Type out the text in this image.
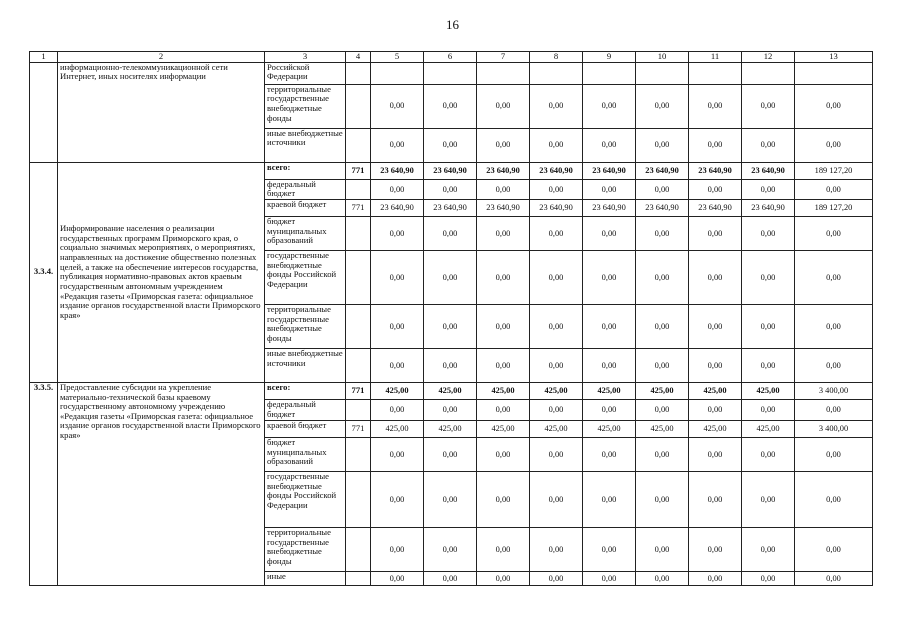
16
1	2	3	4	5	6	7	8	9	10	11	12	13
	информационно-телекоммуникационной сети Интернет, иных носителях информации	Российской Федерации										
		территориальные государственные внебюджетные фонды		0,00	0,00	0,00	0,00	0,00	0,00	0,00	0,00	0,00
		иные внебюджетные источники		0,00	0,00	0,00	0,00	0,00	0,00	0,00	0,00	0,00
3.3.4.	Информирование населения о реализации государственных программ Приморского края, о социально значимых мероприятиях, о мероприятиях, направленных на достижение общественно полезных целей, а также на обеспечение интересов государства, публикация нормативно-правовых актов краевым государственным автономным учреждением «Редакция газеты «Приморская газета: официальное издание органов государственной власти Приморского края»	всего:	771	23 640,90	23 640,90	23 640,90	23 640,90	23 640,90	23 640,90	23 640,90	23 640,90	189 127,20
		федеральный бюджет		0,00	0,00	0,00	0,00	0,00	0,00	0,00	0,00	0,00
		краевой бюджет	771	23 640,90	23 640,90	23 640,90	23 640,90	23 640,90	23 640,90	23 640,90	23 640,90	189 127,20
		бюджет муниципальных образований		0,00	0,00	0,00	0,00	0,00	0,00	0,00	0,00	0,00
		государственные внебюджетные фонды Российской Федерации		0,00	0,00	0,00	0,00	0,00	0,00	0,00	0,00	0,00
		территориальные государственные внебюджетные фонды		0,00	0,00	0,00	0,00	0,00	0,00	0,00	0,00	0,00
		иные внебюджетные источники		0,00	0,00	0,00	0,00	0,00	0,00	0,00	0,00	0,00
3.3.5.	Предоставление субсидии на укрепление материально-технической базы краевому государственному автономному учреждению «Редакция газеты «Приморская газета: официальное издание органов государственной власти Приморского края»	всего:	771	425,00	425,00	425,00	425,00	425,00	425,00	425,00	425,00	3 400,00
		федеральный бюджет		0,00	0,00	0,00	0,00	0,00	0,00	0,00	0,00	0,00
		краевой бюджет	771	425,00	425,00	425,00	425,00	425,00	425,00	425,00	425,00	3 400,00
		бюджет муниципальных образований		0,00	0,00	0,00	0,00	0,00	0,00	0,00	0,00	0,00
		государственные внебюджетные фонды Российской Федерации		0,00	0,00	0,00	0,00	0,00	0,00	0,00	0,00	0,00
		территориальные государственные внебюджетные фонды		0,00	0,00	0,00	0,00	0,00	0,00	0,00	0,00	0,00
		иные		0,00	0,00	0,00	0,00	0,00	0,00	0,00	0,00	0,00
